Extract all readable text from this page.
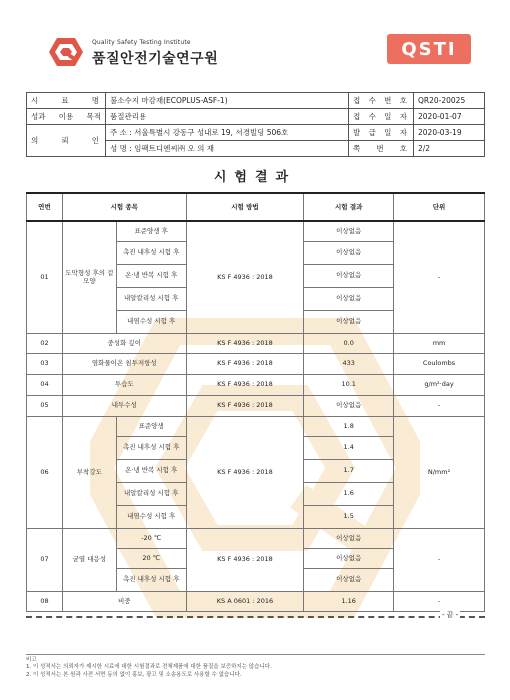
Quality Safety Testing Institute
품질안전기술연구원	QSTI
시 료 명	불소수지 마감재(ECOPLUS-ASF-1)	접 수 번 호	QR20-20025
성과 이용 목적	품질관리용	접 수 일 자	2020-01-07
의 뢰 인	주 소 : 서울특별시 강동구 성내로 19, 서경빌딩 506호	발 급 일 자	2020-03-19
	성 명 : 임팩트디엔씨㈜ 오 의 재	쪽 번 호	2/2
시험결과
연번	시험 종목		시험 방법	시험 결과	단위
01	도막형성 후의 겉모양	표준양생 후	KS F 4936 : 2018	이상없음	-
		촉진 내후성 시험 후		이상없음	
		온·냉 반복 시험 후		이상없음	
		내알칼리성 시험 후		이상없음	
		내염수성 시험 후		이상없음	
02	중성화 깊이		KS F 4936 : 2018	0.0	mm
03	염화물이온 침투저항성		KS F 4936 : 2018	433	Coulombs
04	투습도		KS F 4936 : 2018	10.1	g/m²·day
05	내투수성		KS F 4936 : 2018	이상없음	-
06	부착강도	표준양생	KS F 4936 : 2018	1.8	N/mm²
		촉진 내후성 시험 후		1.4	
		온·냉 반복 시험 후		1.7	
		내알칼리성 시험 후		1.6	
		내염수성 시험 후		1.5	
07	균열 대응성	-20 ℃	KS F 4936 : 2018	이상없음	-
		20 ℃		이상없음	
		촉진 내후성 시험 후		이상없음	
08	비중		KS A 0601 : 2016	1.16	-
- 끝 -
비고
1. 이 성적서는 의뢰자가 제시한 시료에 대한 시험결과로 전체제품에 대한 품질을 보증하지는 않습니다.
2. 이 성적서는 본 원과 사전 서면 동의 없이 홍보, 광고 및 소송용도로 사용할 수 없습니다.
